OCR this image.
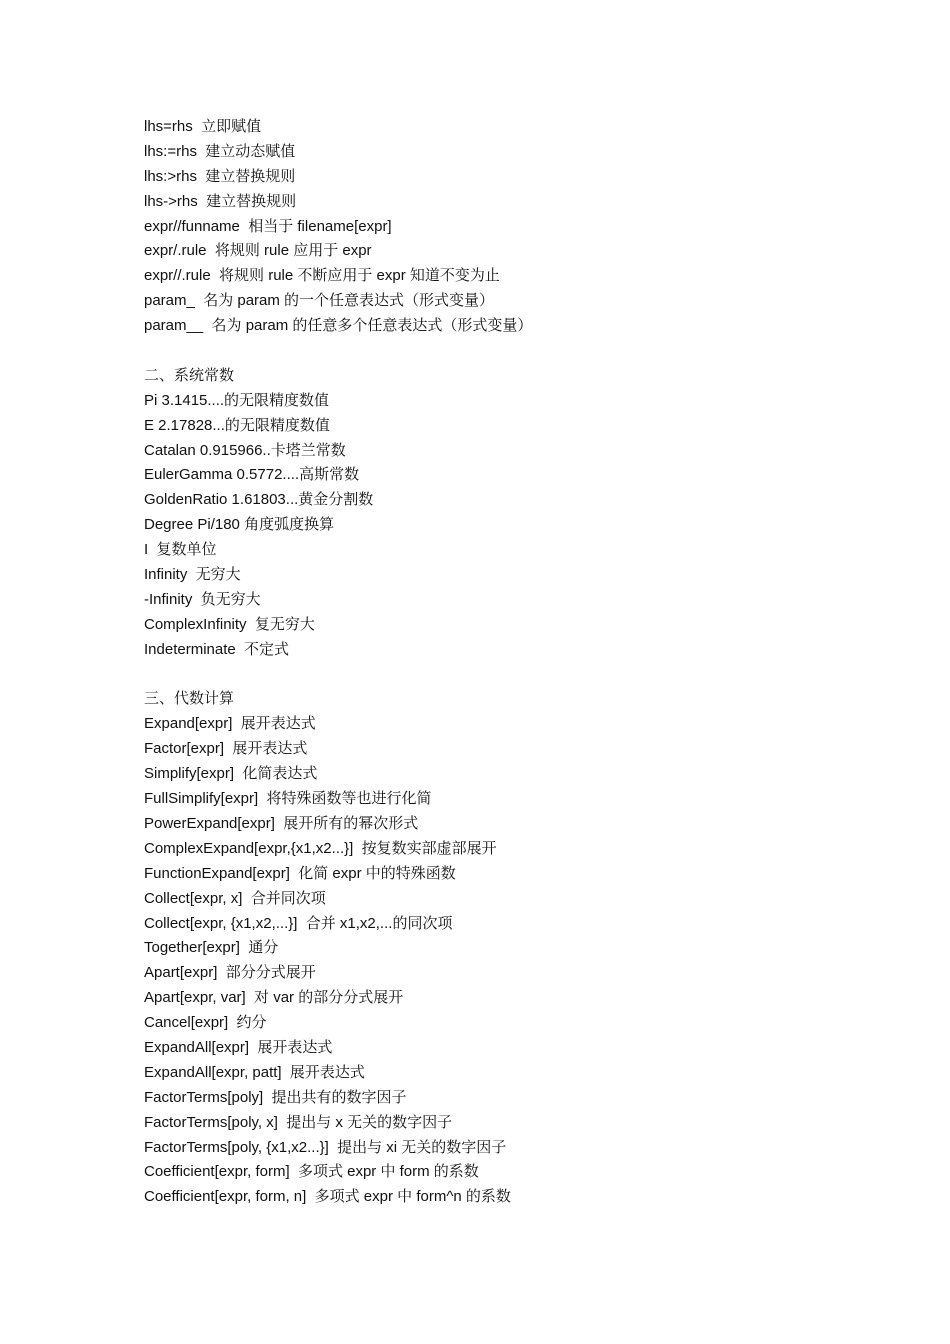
lhs=rhs  立即赋值
lhs:=rhs  建立动态赋值
lhs:>rhs  建立替换规则
lhs->rhs  建立替换规则
expr//funname  相当于 filename[expr]
expr/.rule  将规则 rule 应用于 expr
expr//.rule  将规则 rule 不断应用于 expr 知道不变为止
param_  名为 param 的一个任意表达式（形式变量）
param__  名为 param 的任意多个任意表达式（形式变量）
二、系统常数
Pi 3.1415....的无限精度数值
E 2.17828...的无限精度数值
Catalan 0.915966..卡塔兰常数
EulerGamma 0.5772....高斯常数
GoldenRatio 1.61803...黄金分割数
Degree Pi/180 角度弧度换算
I  复数单位
Infinity  无穷大
-Infinity  负无穷大
ComplexInfinity  复无穷大
Indeterminate  不定式
三、代数计算
Expand[expr]  展开表达式
Factor[expr]  展开表达式
Simplify[expr]  化简表达式
FullSimplify[expr]  将特殊函数等也进行化简
PowerExpand[expr]  展开所有的幂次形式
ComplexExpand[expr,{x1,x2...}]  按复数实部虚部展开
FunctionExpand[expr]  化简 expr 中的特殊函数
Collect[expr, x]  合并同次项
Collect[expr, {x1,x2,...}]  合并 x1,x2,...的同次项
Together[expr]  通分
Apart[expr]  部分分式展开
Apart[expr, var]  对 var 的部分分式展开
Cancel[expr]  约分
ExpandAll[expr]  展开表达式
ExpandAll[expr, patt]  展开表达式
FactorTerms[poly]  提出共有的数字因子
FactorTerms[poly, x]  提出与 x 无关的数字因子
FactorTerms[poly, {x1,x2...}]  提出与 xi 无关的数字因子
Coefficient[expr, form]  多项式 expr 中 form 的系数
Coefficient[expr, form, n]  多项式 expr 中 form^n 的系数
